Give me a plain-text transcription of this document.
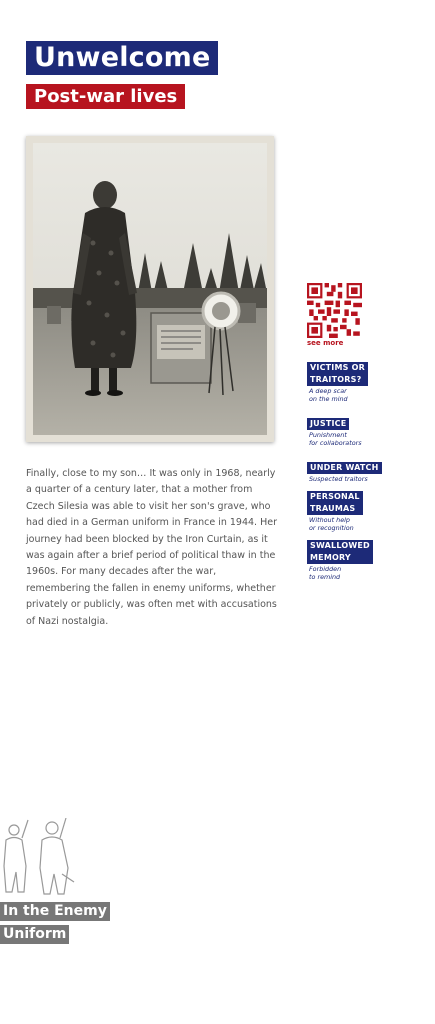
Unwelcome
Post-war lives

Finally, close to my son… It was only in 1968, nearly a quarter of a century later, that a mother from Czech Silesia was able to visit her son's grave, who had died in a German uniform in France in 1944. Her journey had been blocked by the Iron Curtain, as it was again after a brief period of political thaw in the 1960s. For many decades after the war, remembering the fallen in enemy uniforms, whether privately or publicly, was often met with accusations of Nazi nostalgia.

see more
VICTIMS OR
TRAITORS?
A deep scar
on the mind
JUSTICE
Punishment
for collaborators
UNDER WATCH
Suspected traitors
PERSONAL
TRAUMAS
Without help
or recognition
SWALLOWED
MEMORY
Forbidden
to remind
In the Enemy
Uniform
